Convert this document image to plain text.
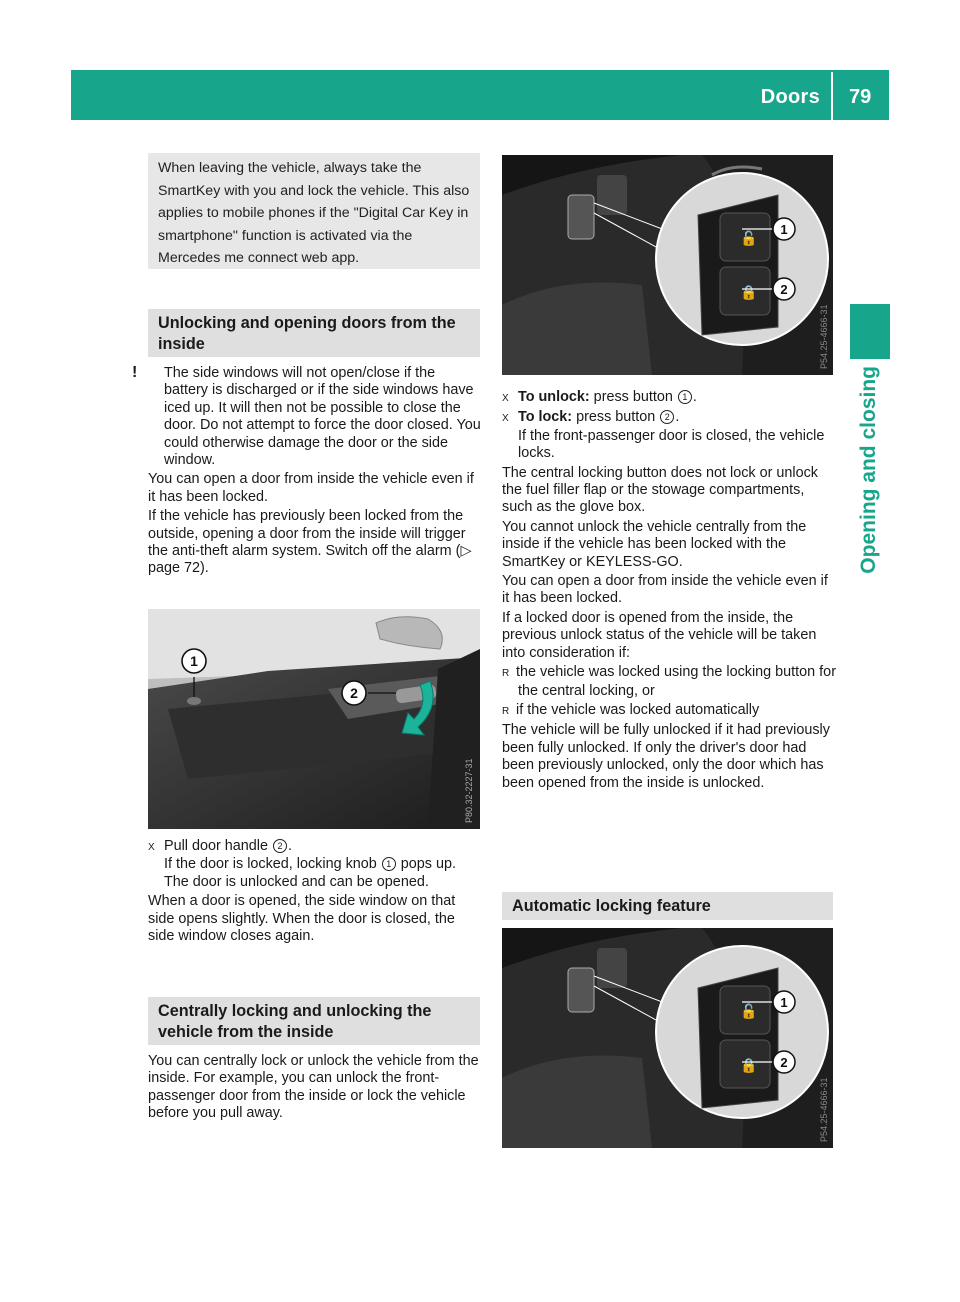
Doors 79
Opening and closing
When leaving the vehicle, always take the SmartKey with you and lock the vehicle. This also applies to mobile phones if the "Digital Car Key in smartphone" function is activated via the Mercedes me connect web app.
Unlocking and opening doors from the inside

! The side windows will not open/close if the battery is discharged or if the side windows have iced up. It will then not be possible to close the door. Do not attempt to force the door closed. You could otherwise damage the door or the side window.

You can open a door from inside the vehicle even if it has been locked.

If the vehicle has previously been locked from the outside, opening a door from the inside will trigger the anti-theft alarm system. Switch off the alarm (▷ page 72).

1
2
P80.32-2227-31

X Pull door handle 2 .
If the door is locked, locking knob 1 pops up. The door is unlocked and can be opened.

When a door is opened, the side window on that side opens slightly. When the door is closed, the side window closes again.

Centrally locking and unlocking the vehicle from the inside

You can centrally lock or unlock the vehicle from the inside. For example, you can unlock the front-passenger door from the inside or lock the vehicle before you pull away.

🔓
🔒
1
2
P54.25-4666-31

X To unlock: press button 1 .

X To lock: press button 2 .
If the front-passenger door is closed, the vehicle locks.

The central locking button does not lock or unlock the fuel filler flap or the stowage compartments, such as the glove box.

You cannot unlock the vehicle centrally from the inside if the vehicle has been locked with the SmartKey or KEYLESS-GO.

You can open a door from inside the vehicle even if it has been locked.

If a locked door is opened from the inside, the previous unlock status of the vehicle will be taken into consideration if:

R the vehicle was locked using the locking button for the central locking, or

R if the vehicle was locked automatically

The vehicle will be fully unlocked if it had previously been fully unlocked. If only the driver's door had been previously unlocked, only the door which has been opened from the inside is unlocked.

Automatic locking feature
🔓
🔒
1
2
P54.25-4666-31
